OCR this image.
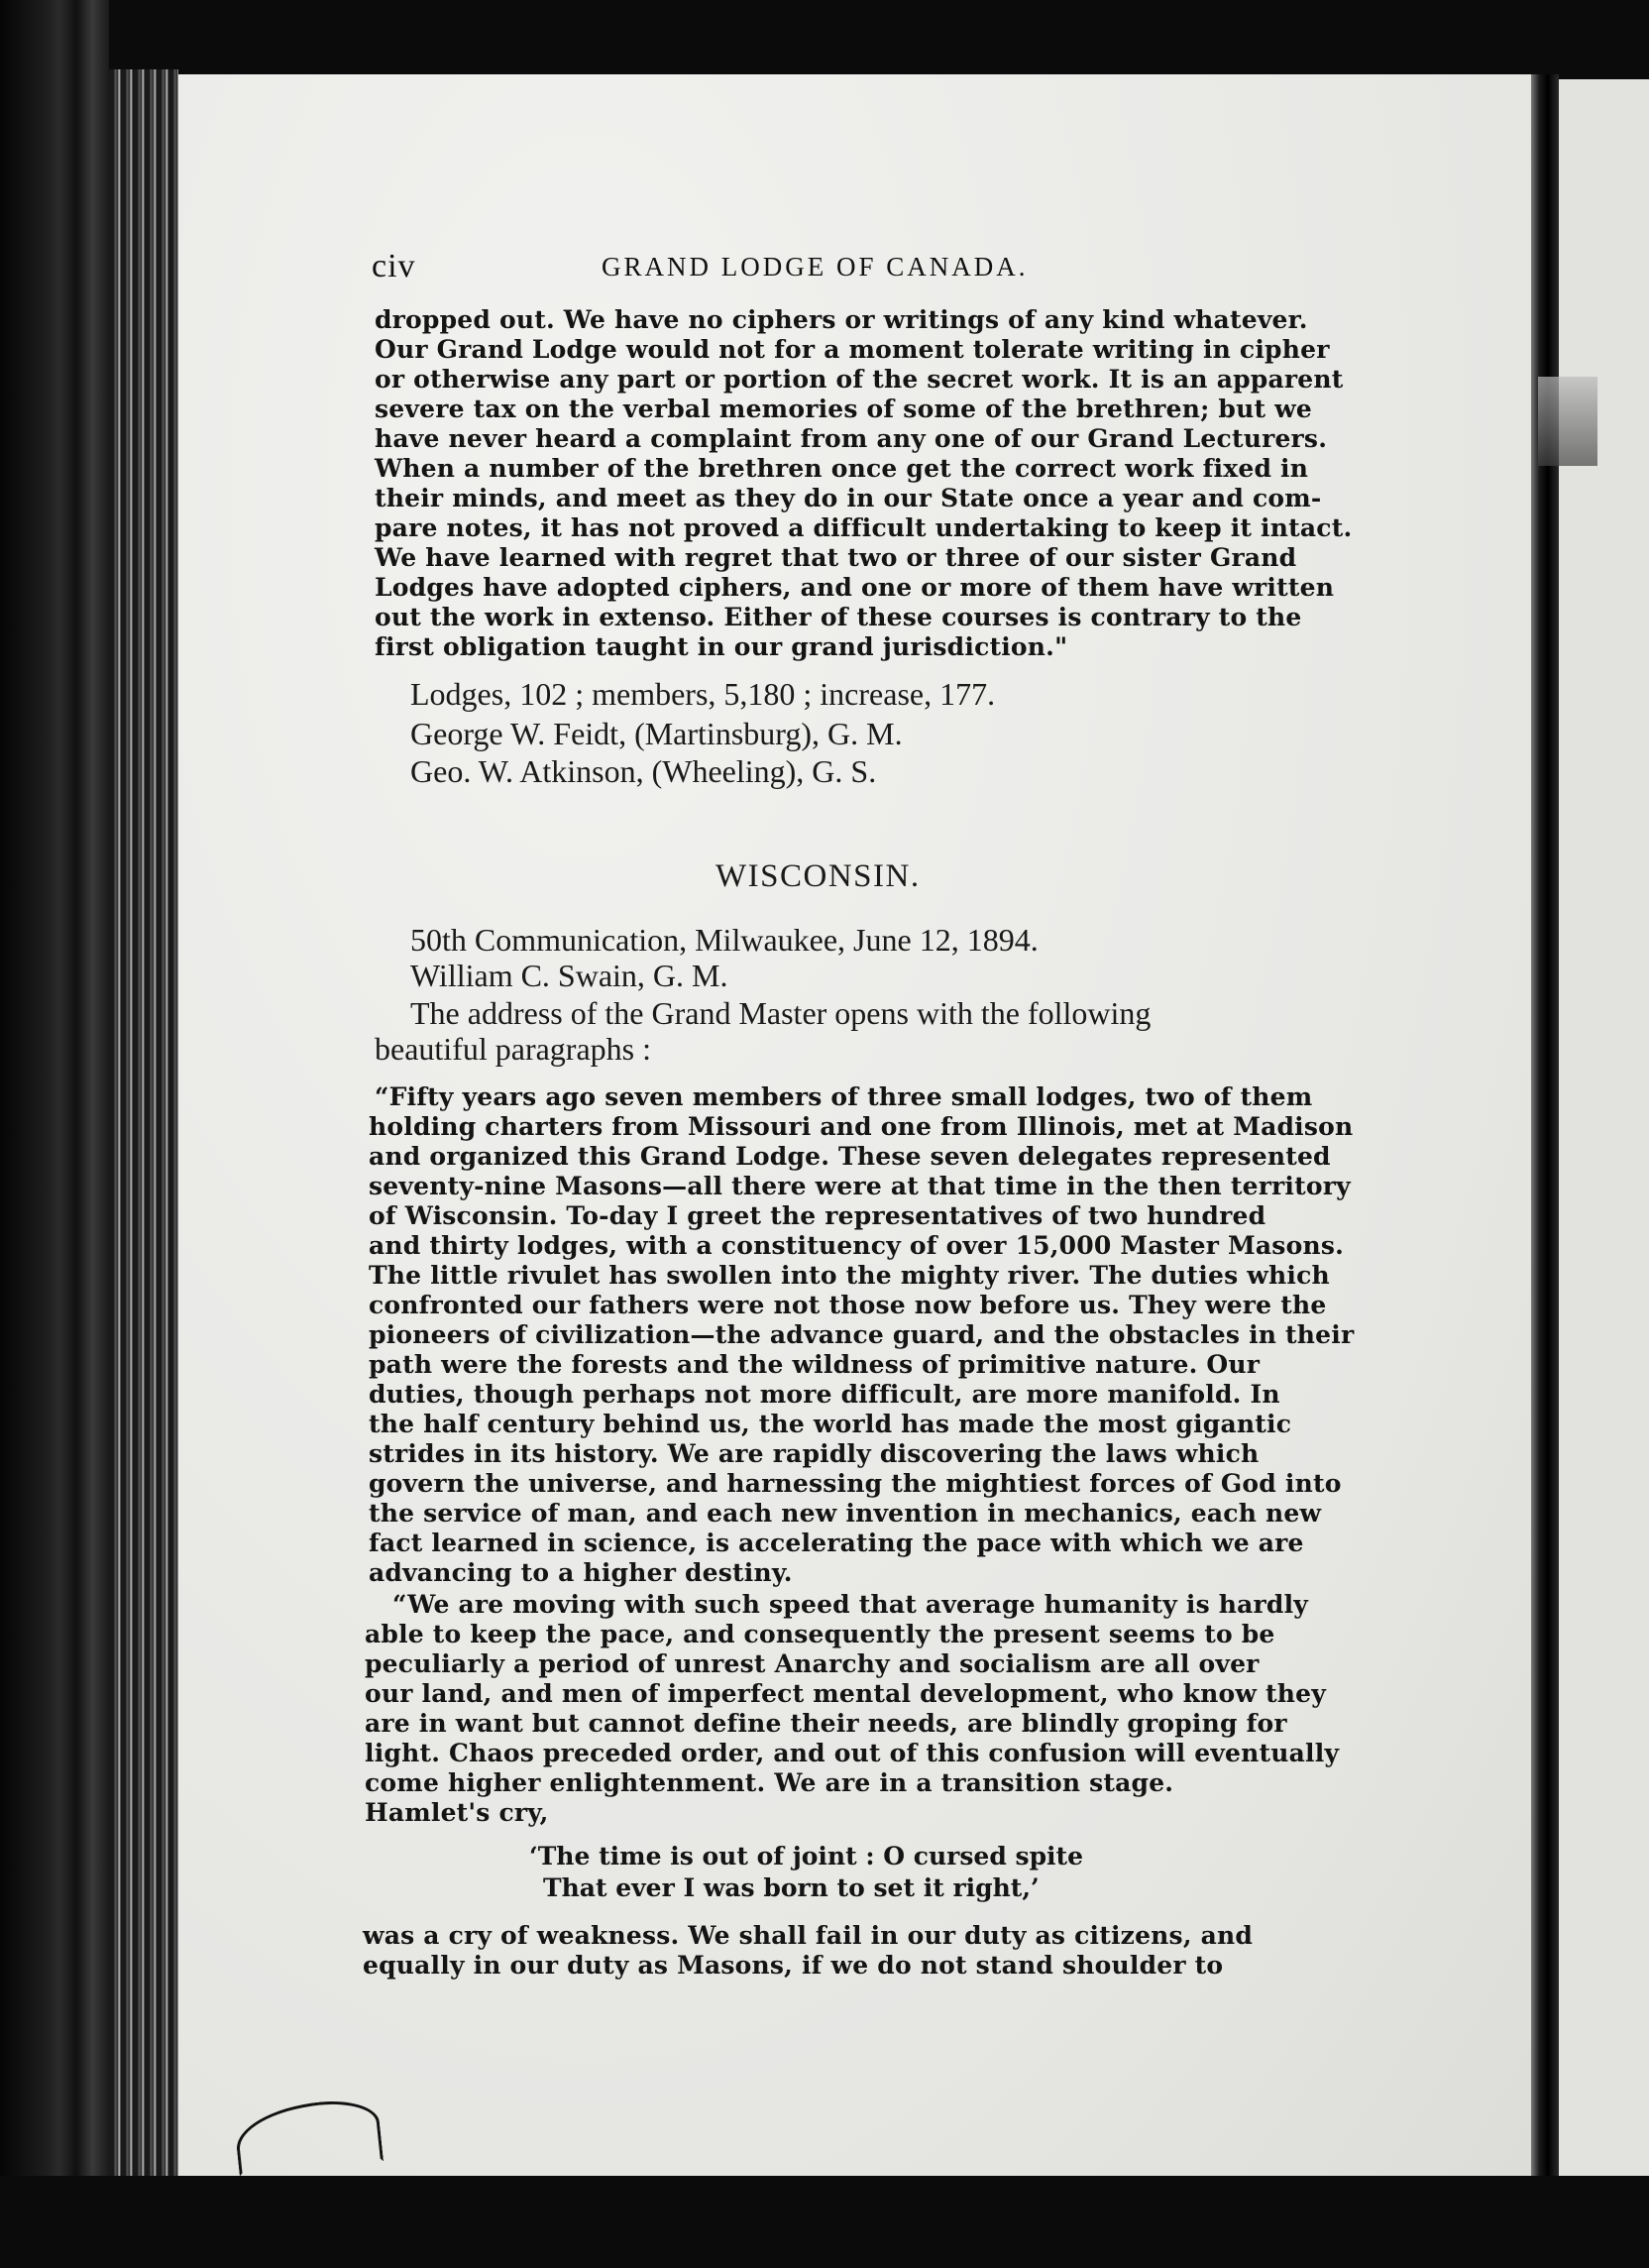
civ	GRAND LODGE OF CANADA.
dropped out. We have no ciphers or writings of any kind whatever.
Our Grand Lodge would not for a moment tolerate writing in cipher
or otherwise any part or portion of the secret work. It is an apparent
severe tax on the verbal memories of some of the brethren; but we
have never heard a complaint from any one of our Grand Lecturers.
When a number of the brethren once get the correct work fixed in
their minds, and meet as they do in our State once a year and com-
pare notes, it has not proved a difficult undertaking to keep it intact.
We have learned with regret that two or three of our sister Grand
Lodges have adopted ciphers, and one or more of them have written
out the work in extenso. Either of these courses is contrary to the
first obligation taught in our grand jurisdiction."
Lodges, 102 ; members, 5,180 ; increase, 177.
George W. Feidt, (Martinsburg), G. M.
Geo. W. Atkinson, (Wheeling), G. S.
WISCONSIN.
50th Communication, Milwaukee, June 12, 1894.
William C. Swain, G. M.
The address of the Grand Master opens with the following
beautiful paragraphs :
“Fifty years ago seven members of three small lodges, two of them
holding charters from Missouri and one from Illinois, met at Madison
and organized this Grand Lodge. These seven delegates represented
seventy-nine Masons—all there were at that time in the then territory
of Wisconsin. To-day I greet the representatives of two hundred
and thirty lodges, with a constituency of over 15,000 Master Masons.
The little rivulet has swollen into the mighty river. The duties which
confronted our fathers were not those now before us. They were the
pioneers of civilization—the advance guard, and the obstacles in their
path were the forests and the wildness of primitive nature. Our
duties, though perhaps not more difficult, are more manifold. In
the half century behind us, the world has made the most gigantic
strides in its history. We are rapidly discovering the laws which
govern the universe, and harnessing the mightiest forces of God into
the service of man, and each new invention in mechanics, each new
fact learned in science, is accelerating the pace with which we are
advancing to a higher destiny.
“We are moving with such speed that average humanity is hardly
able to keep the pace, and consequently the present seems to be
peculiarly a period of unrest Anarchy and socialism are all over
our land, and men of imperfect mental development, who know they
are in want but cannot define their needs, are blindly groping for
light. Chaos preceded order, and out of this confusion will eventually
come higher enlightenment. We are in a transition stage.
Hamlet's cry,
‘The time is out of joint : O cursed spite
That ever I was born to set it right,’
was a cry of weakness. We shall fail in our duty as citizens, and
equally in our duty as Masons, if we do not stand shoulder to
